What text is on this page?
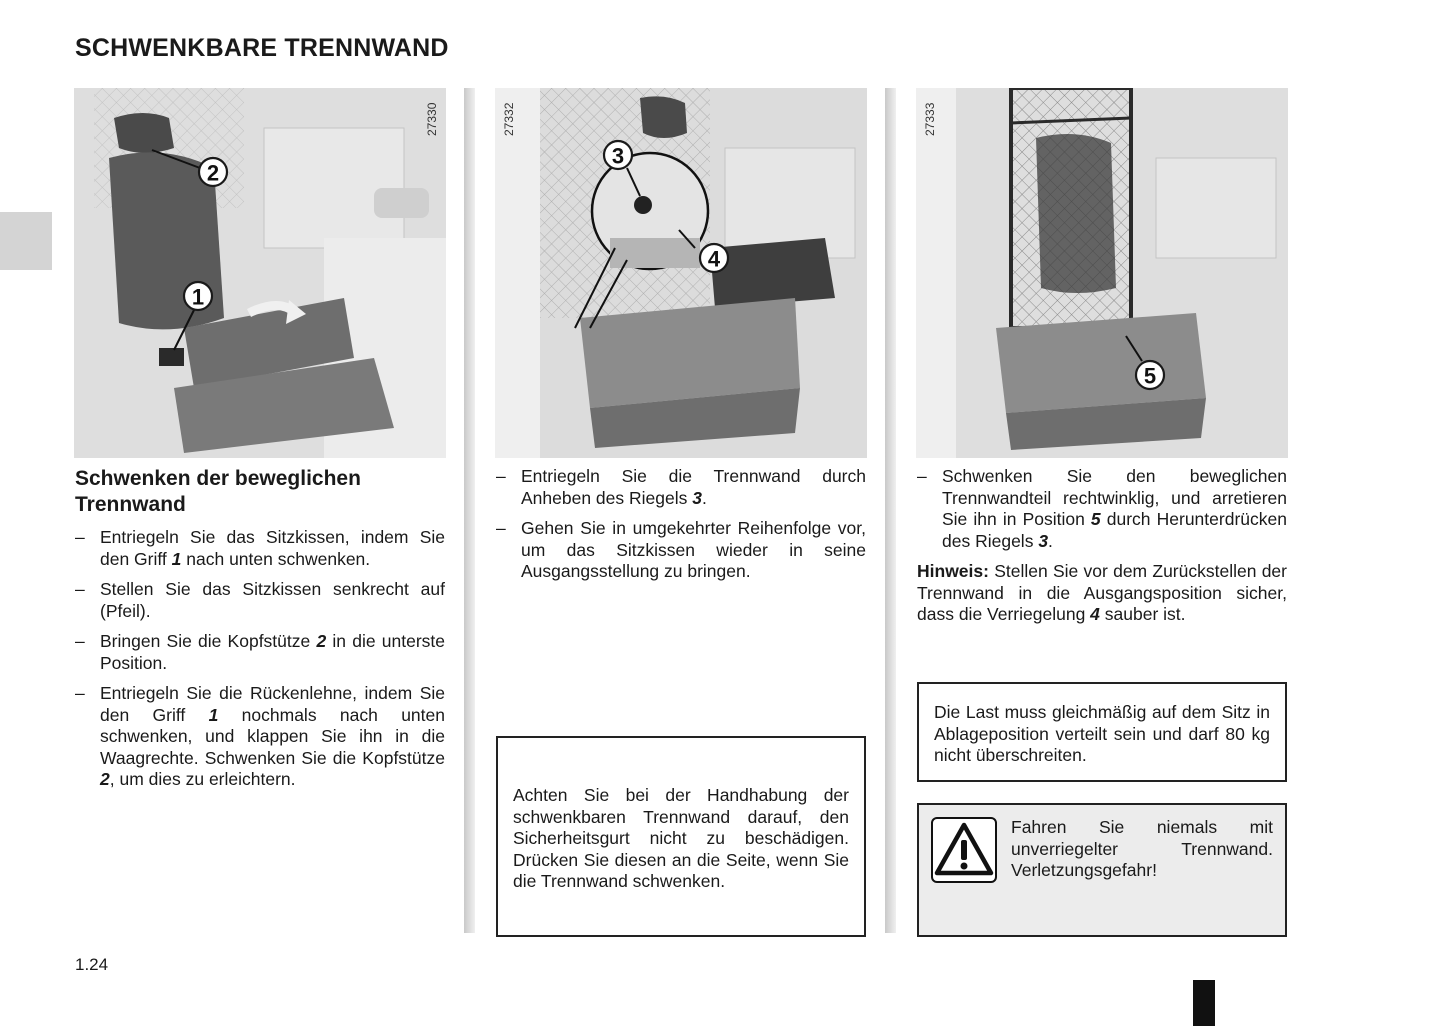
SCHWENKBARE TRENNWAND
27330
2
1
27332
3
4
27333
5
Schwenken der beweglichen Trennwand
– Entriegeln Sie das Sitzkissen, indem Sie den Griff 1 nach unten schwenken.
– Stellen Sie das Sitzkissen senkrecht auf (Pfeil).
– Bringen Sie die Kopfstütze 2 in die unterste Position.
– Entriegeln Sie die Rückenlehne, indem Sie den Griff 1 nochmals nach unten schwenken, und klappen Sie ihn in die Waagrechte. Schwenken Sie die Kopfstütze 2, um dies zu erleichtern.
– Entriegeln Sie die Trennwand durch Anheben des Riegels 3.
– Gehen Sie in umgekehrter Reihenfolge vor, um das Sitzkissen wieder in seine Ausgangsstellung zu bringen.
Achten Sie bei der Handhabung der schwenkbaren Trennwand darauf, den Sicherheitsgurt nicht zu beschädigen. Drücken Sie diesen an die Seite, wenn Sie die Trennwand schwenken.
– Schwenken Sie den beweglichen Trennwandteil rechtwinklig, und arretieren Sie ihn in Position 5 durch Herunterdrücken des Riegels 3.
Hinweis: Stellen Sie vor dem Zurückstellen der Trennwand in die Ausgangsposition sicher, dass die Verriegelung 4 sauber ist.
Die Last muss gleichmäßig auf dem Sitz in Ablageposition verteilt sein und darf 80 kg nicht überschreiten.
Fahren Sie niemals mit unverriegelter Trennwand. Verletzungsgefahr!
1.24
